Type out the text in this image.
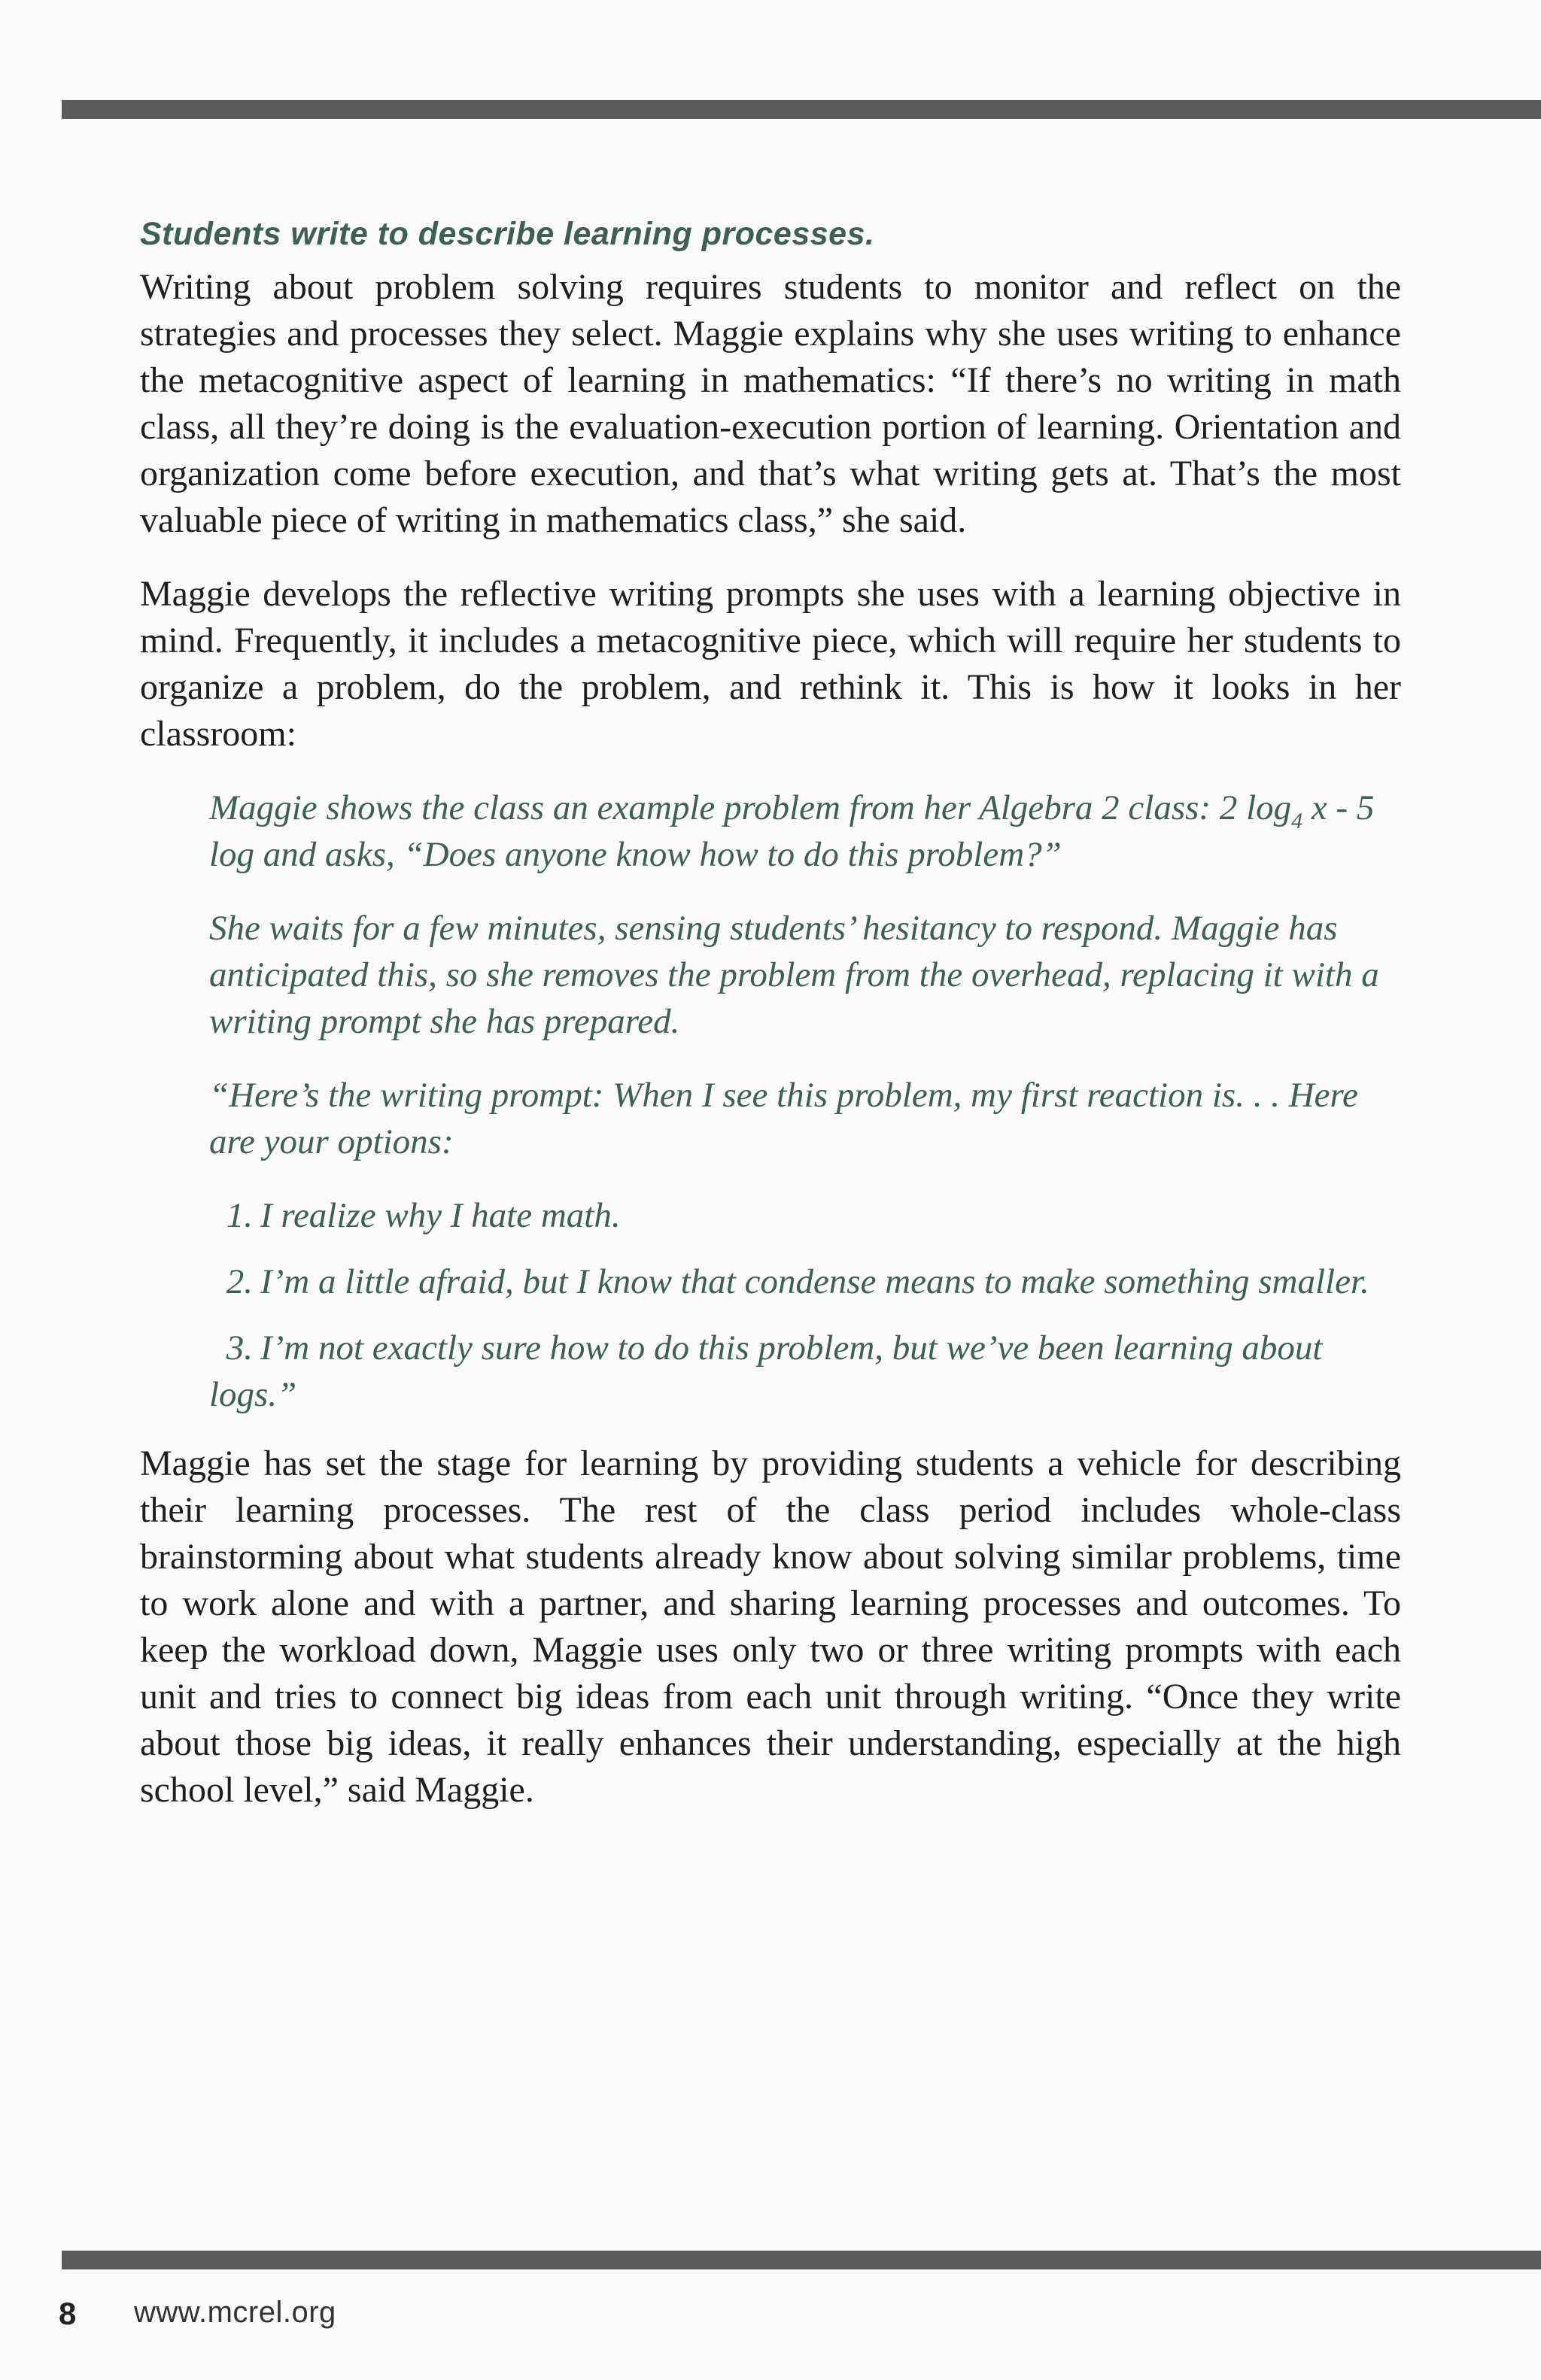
Students write to describe learning processes.

Writing about problem solving requires students to monitor and reflect on the strategies and processes they select. Maggie explains why she uses writing to enhance the metacognitive aspect of learning in mathematics: “If there’s no writing in math class, all they’re doing is the evaluation-execution portion of learning. Orientation and organization come before execution, and that’s what writing gets at. That’s the most valuable piece of writing in mathematics class,” she said.

Maggie develops the reflective writing prompts she uses with a learning objective in mind. Frequently, it includes a metacognitive piece, which will require her students to organize a problem, do the problem, and rethink it. This is how it looks in her classroom:

Maggie shows the class an example problem from her Algebra 2 class: 2 $\log_4 x - 5$ log and asks, “Does anyone know how to do this problem?”

She waits for a few minutes, sensing students’ hesitancy to respond. Maggie has anticipated this, so she removes the problem from the overhead, replacing it with a writing prompt she has prepared.

“Here’s the writing prompt: When I see this problem, my first reaction is. . . Here are your options:

1. I realize why I hate math.
2. I’m a little afraid, but I know that condense means to make something smaller.
3. I’m not exactly sure how to do this problem, but we’ve been learning about logs.”

Maggie has set the stage for learning by providing students a vehicle for describing their learning processes. The rest of the class period includes whole-class brainstorming about what students already know about solving similar problems, time to work alone and with a partner, and sharing learning processes and outcomes. To keep the workload down, Maggie uses only two or three writing prompts with each unit and tries to connect big ideas from each unit through writing. “Once they write about those big ideas, it really enhances their understanding, especially at the high school level,” said Maggie.

8 www.mcrel.org
